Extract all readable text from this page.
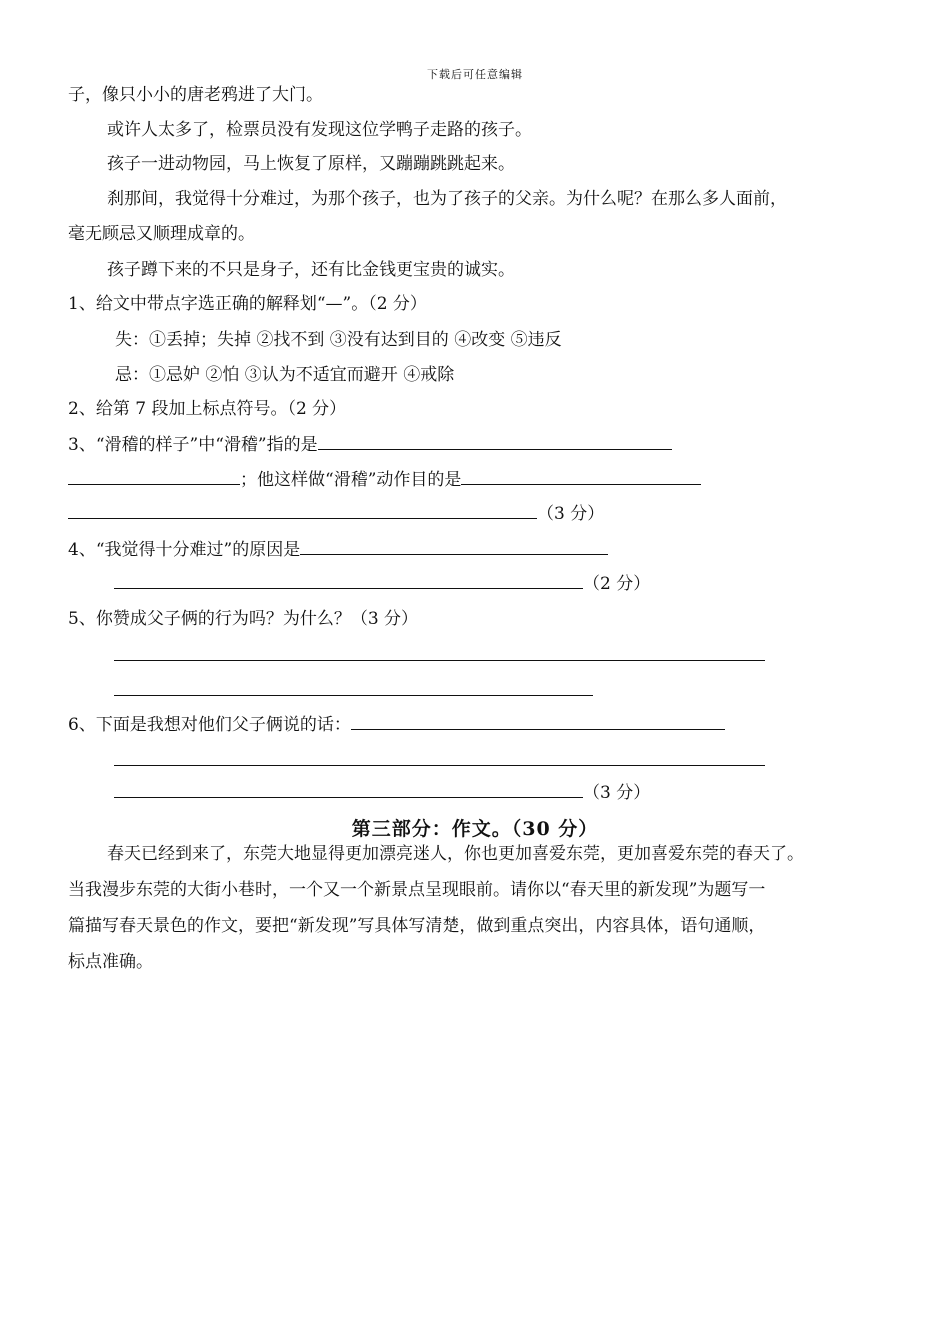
下载后可任意编辑
子，像只小小的唐老鸦进了大门。
或许人太多了，检票员没有发现这位学鸭子走路的孩子。
孩子一进动物园，马上恢复了原样，又蹦蹦跳跳起来。
刹那间，我觉得十分难过，为那个孩子，也为了孩子的父亲。为什么呢？在那么多人面前，
毫无顾忌又顺理成章的。
孩子蹲下来的不只是身子，还有比金钱更宝贵的诚实。
1、给文中带点字选正确的解释划“—”。（2 分）
失：①丢掉；失掉 ②找不到 ③没有达到目的 ④改变 ⑤违反
忌：①忌妒 ②怕 ③认为不适宜而避开 ④戒除
2、给第 7 段加上标点符号。（2 分）
3、“滑稽的样子”中“滑稽”指的是
；他这样做“滑稽”动作目的是
（3 分）
4、“我觉得十分难过”的原因是
（2 分）
5、你赞成父子俩的行为吗？为什么？（3 分）
6、下面是我想对他们父子俩说的话：
（3 分）
第三部分：作文。（30 分）
春天已经到来了，东莞大地显得更加漂亮迷人，你也更加喜爱东莞，更加喜爱东莞的春天了。
当我漫步东莞的大街小巷时，一个又一个新景点呈现眼前。请你以“春天里的新发现”为题写一
篇描写春天景色的作文，要把“新发现”写具体写清楚，做到重点突出，内容具体，语句通顺，
标点准确。
